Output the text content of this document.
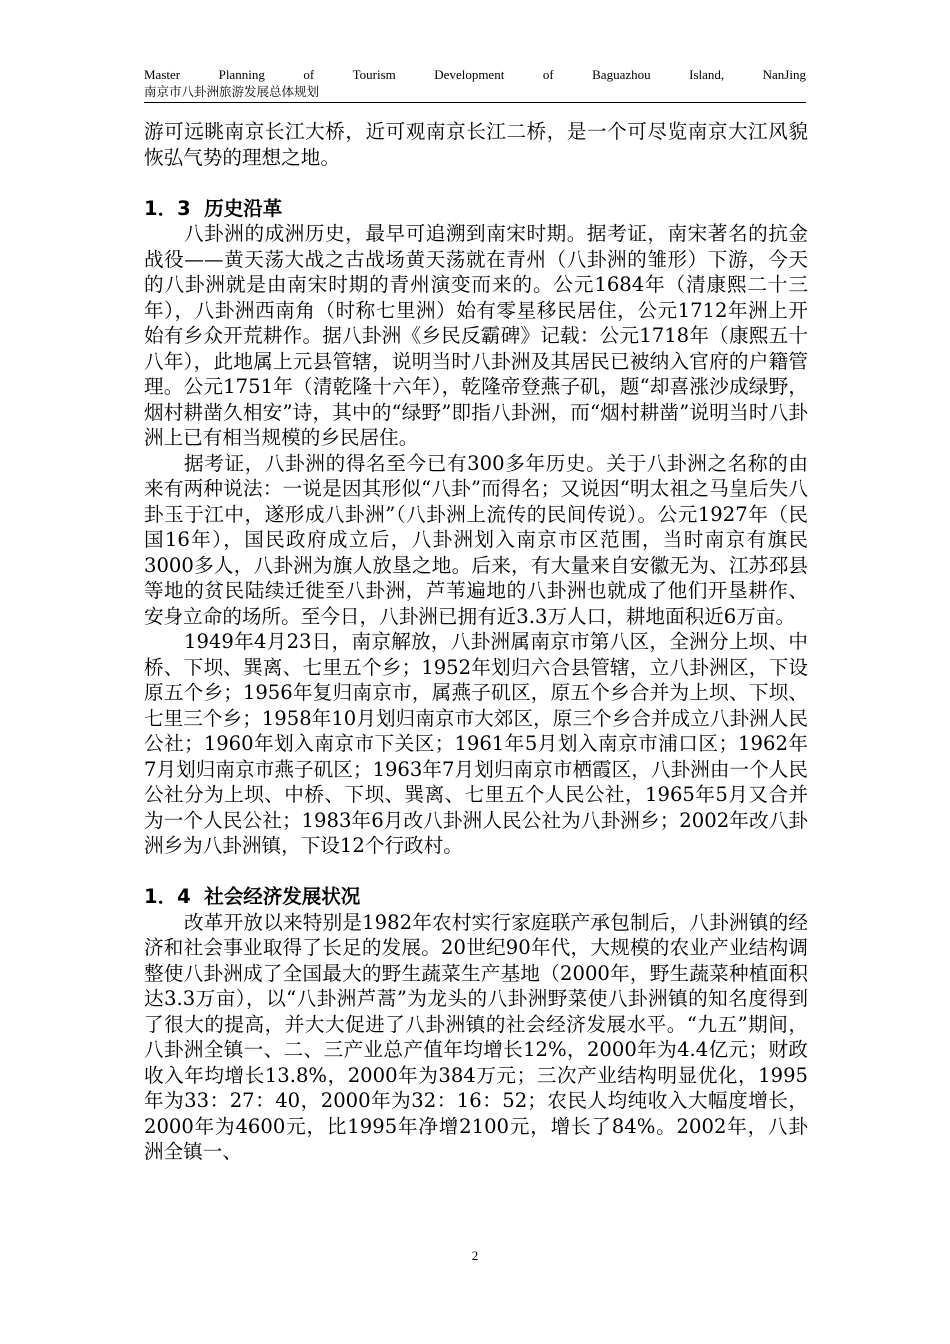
Master	Planning	of	Tourism	Development	of	Baguazhou	Island,	NanJing
南京市八卦洲旅游发展总体规划

游可远眺南京长江大桥，近可观南京长江二桥，是一个可尽览南京大江风貌恢弘气势的理想之地。

1．3  历史沿革

八卦洲的成洲历史，最早可追溯到南宋时期。据考证，南宋著名的抗金战役——黄天荡大战之古战场黄天荡就在青州（八卦洲的雏形）下游，今天的八卦洲就是由南宋时期的青州演变而来的。公元1684年（清康熙二十三年），八卦洲西南角（时称七里洲）始有零星移民居住，公元1712年洲上开始有乡众开荒耕作。据八卦洲《乡民反霸碑》记载：公元1718年（康熙五十八年），此地属上元县管辖，说明当时八卦洲及其居民已被纳入官府的户籍管理。公元1751年（清乾隆十六年），乾隆帝登燕子矶，题“却喜涨沙成绿野，烟村耕凿久相安”诗，其中的“绿野”即指八卦洲，而“烟村耕凿”说明当时八卦洲上已有相当规模的乡民居住。

据考证，八卦洲的得名至今已有300多年历史。关于八卦洲之名称的由来有两种说法：一说是因其形似“八卦”而得名；又说因“明太祖之马皇后失八卦玉于江中，遂形成八卦洲”（八卦洲上流传的民间传说）。公元1927年（民国16年），国民政府成立后，八卦洲划入南京市区范围，当时南京有旗民3000多人，八卦洲为旗人放垦之地。后来，有大量来自安徽无为、江苏邳县等地的贫民陆续迁徙至八卦洲，芦苇遍地的八卦洲也就成了他们开垦耕作、安身立命的场所。至今日，八卦洲已拥有近3.3万人口，耕地面积近6万亩。

1949年4月23日，南京解放，八卦洲属南京市第八区，全洲分上坝、中桥、下坝、巽离、七里五个乡；1952年划归六合县管辖，立八卦洲区，下设原五个乡；1956年复归南京市，属燕子矶区，原五个乡合并为上坝、下坝、七里三个乡；1958年10月划归南京市大郊区，原三个乡合并成立八卦洲人民公社；1960年划入南京市下关区；1961年5月划入南京市浦口区；1962年7月划归南京市燕子矶区；1963年7月划归南京市栖霞区，八卦洲由一个人民公社分为上坝、中桥、下坝、巽离、七里五个人民公社，1965年5月又合并为一个人民公社；1983年6月改八卦洲人民公社为八卦洲乡；2002年改八卦洲乡为八卦洲镇，下设12个行政村。

1．4  社会经济发展状况

改革开放以来特别是1982年农村实行家庭联产承包制后，八卦洲镇的经济和社会事业取得了长足的发展。20世纪90年代，大规模的农业产业结构调整使八卦洲成了全国最大的野生蔬菜生产基地（2000年，野生蔬菜种植面积达3.3万亩），以“八卦洲芦蒿”为龙头的八卦洲野菜使八卦洲镇的知名度得到了很大的提高，并大大促进了八卦洲镇的社会经济发展水平。“九五”期间，八卦洲全镇一、二、三产业总产值年均增长12%，2000年为4.4亿元；财政收入年均增长13.8%，2000年为384万元；三次产业结构明显优化，1995年为33：27：40，2000年为32：16：52；农民人均纯收入大幅度增长，2000年为4600元，比1995年净增2100元，增长了84%。2002年，八卦洲全镇一、

2
